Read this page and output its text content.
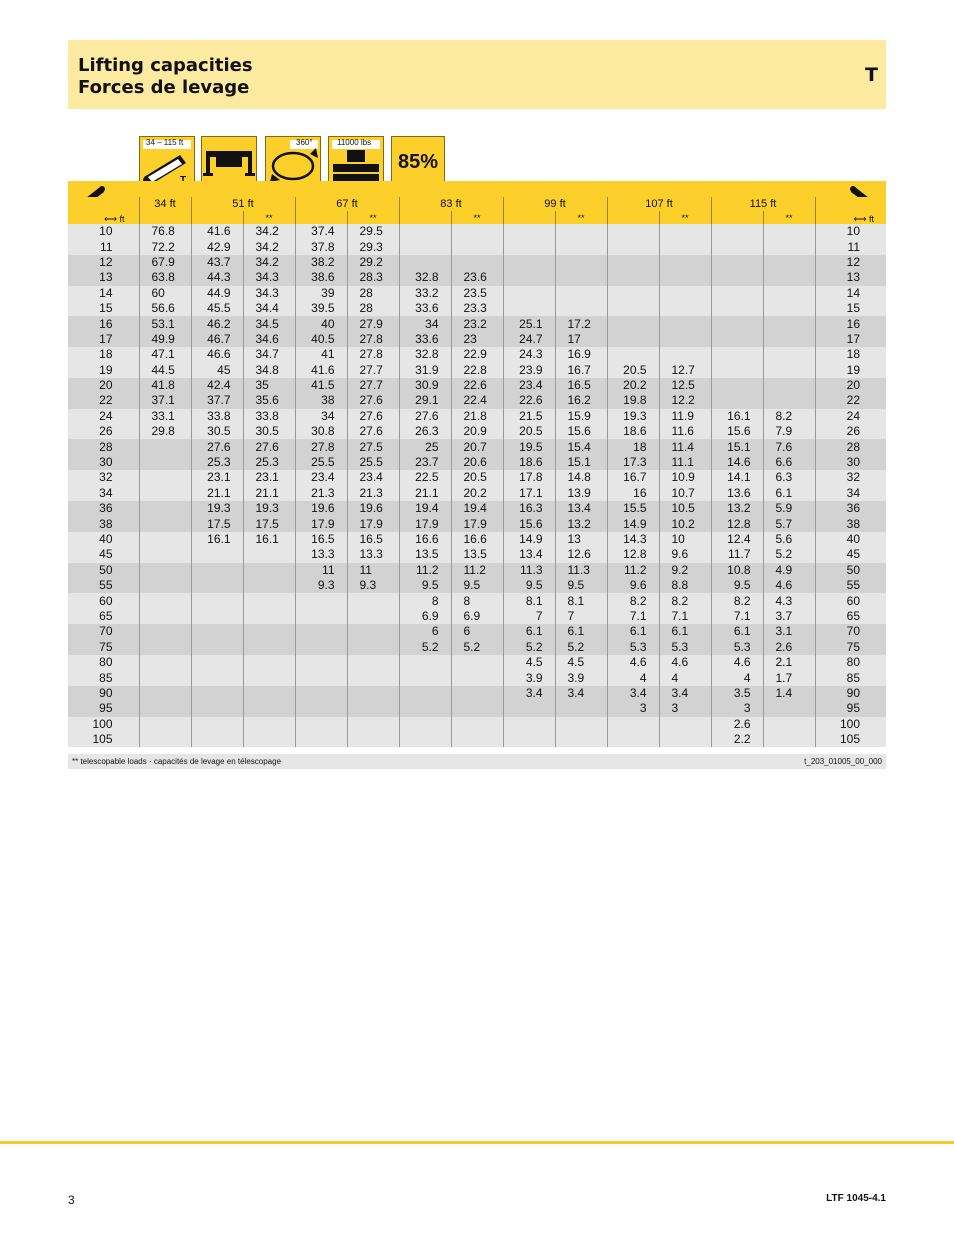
Lifting capacities
Forces de levage
T
34 – 115 ft	360°	11000 lbs
85%
⟷ ft	34 ft	51 ft		67 ft		83 ft		99 ft		107 ft		115 ft		⟷ ft
			**		**		**		**		**		**	
10	76.8	41.6	34.2	37.4	29.5									10
11	72.2	42.9	34.2	37.8	29.3									11
12	67.9	43.7	34.2	38.2	29.2									12
13	63.8	44.3	34.3	38.6	28.3	32.8	23.6							13
14	60	44.9	34.3	39	28	33.2	23.5							14
15	56.6	45.5	34.4	39.5	28	33.6	23.3							15
16	53.1	46.2	34.5	40	27.9	34	23.2	25.1	17.2					16
17	49.9	46.7	34.6	40.5	27.8	33.6	23	24.7	17					17
18	47.1	46.6	34.7	41	27.8	32.8	22.9	24.3	16.9					18
19	44.5	45	34.8	41.6	27.7	31.9	22.8	23.9	16.7	20.5	12.7			19
20	41.8	42.4	35	41.5	27.7	30.9	22.6	23.4	16.5	20.2	12.5			20
22	37.1	37.7	35.6	38	27.6	29.1	22.4	22.6	16.2	19.8	12.2			22
24	33.1	33.8	33.8	34	27.6	27.6	21.8	21.5	15.9	19.3	11.9	16.1	8.2	24
26	29.8	30.5	30.5	30.8	27.6	26.3	20.9	20.5	15.6	18.6	11.6	15.6	7.9	26
28		27.6	27.6	27.8	27.5	25	20.7	19.5	15.4	18	11.4	15.1	7.6	28
30		25.3	25.3	25.5	25.5	23.7	20.6	18.6	15.1	17.3	11.1	14.6	6.6	30
32		23.1	23.1	23.4	23.4	22.5	20.5	17.8	14.8	16.7	10.9	14.1	6.3	32
34		21.1	21.1	21.3	21.3	21.1	20.2	17.1	13.9	16	10.7	13.6	6.1	34
36		19.3	19.3	19.6	19.6	19.4	19.4	16.3	13.4	15.5	10.5	13.2	5.9	36
38		17.5	17.5	17.9	17.9	17.9	17.9	15.6	13.2	14.9	10.2	12.8	5.7	38
40		16.1	16.1	16.5	16.5	16.6	16.6	14.9	13	14.3	10	12.4	5.6	40
45				13.3	13.3	13.5	13.5	13.4	12.6	12.8	9.6	11.7	5.2	45
50				11	11	11.2	11.2	11.3	11.3	11.2	9.2	10.8	4.9	50
55				9.3	9.3	9.5	9.5	9.5	9.5	9.6	8.8	9.5	4.6	55
60						8	8	8.1	8.1	8.2	8.2	8.2	4.3	60
65						6.9	6.9	7	7	7.1	7.1	7.1	3.7	65
70						6	6	6.1	6.1	6.1	6.1	6.1	3.1	70
75						5.2	5.2	5.2	5.2	5.3	5.3	5.3	2.6	75
80								4.5	4.5	4.6	4.6	4.6	2.1	80
85								3.9	3.9	4	4	4	1.7	85
90								3.4	3.4	3.4	3.4	3.5	1.4	90
95										3	3	3		95
100												2.6		100
105												2.2		105
** telescopable loads · capacités de levage en télescopage	t_203_01005_00_000
3	LTF 1045-4.1
